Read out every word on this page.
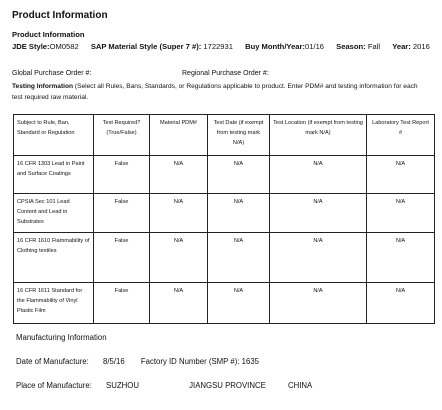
Product Information
Product Information
JDE Style:OM0582 SAP Material Style (Super 7 #): 1722931 Buy Month/Year:01/16 Season: Fall Year: 2016
Global Purchase Order #:	Regional Purchase Order #:
Testing Information (Select all Rules, Bans, Standards, or Regulations applicable to product. Enter PDM# and testing information for each test required raw material.
Subject to Rule, Ban, Standard or Regulation	Test Required? (True/False)	Material PDM#	Test Date (if exempt from testing mark N/A)	Test Location (if exempt from testing mark N/A)	Laboratory Test Report #
16 CFR 1303 Lead in Paint and Surface Coatings	False	N/A	N/A	N/A	N/A
CPSIA Sec 101 Lead Content and Lead in Substrates	False	N/A	N/A	N/A	N/A
16 CFR 1610 Flammability of Clothing textiles	False	N/A	N/A	N/A	N/A
16 CFR 1611 Standard for the Flammability of Vinyl Plastic Film	False	N/A	N/A	N/A	N/A
Manufacturing Information
Date of Manufacture: 8/5/16 Factory ID Number (SMP #): 1635
Place of Manufacture: SUZHOU	JIANGSU PROVINCE	CHINA
